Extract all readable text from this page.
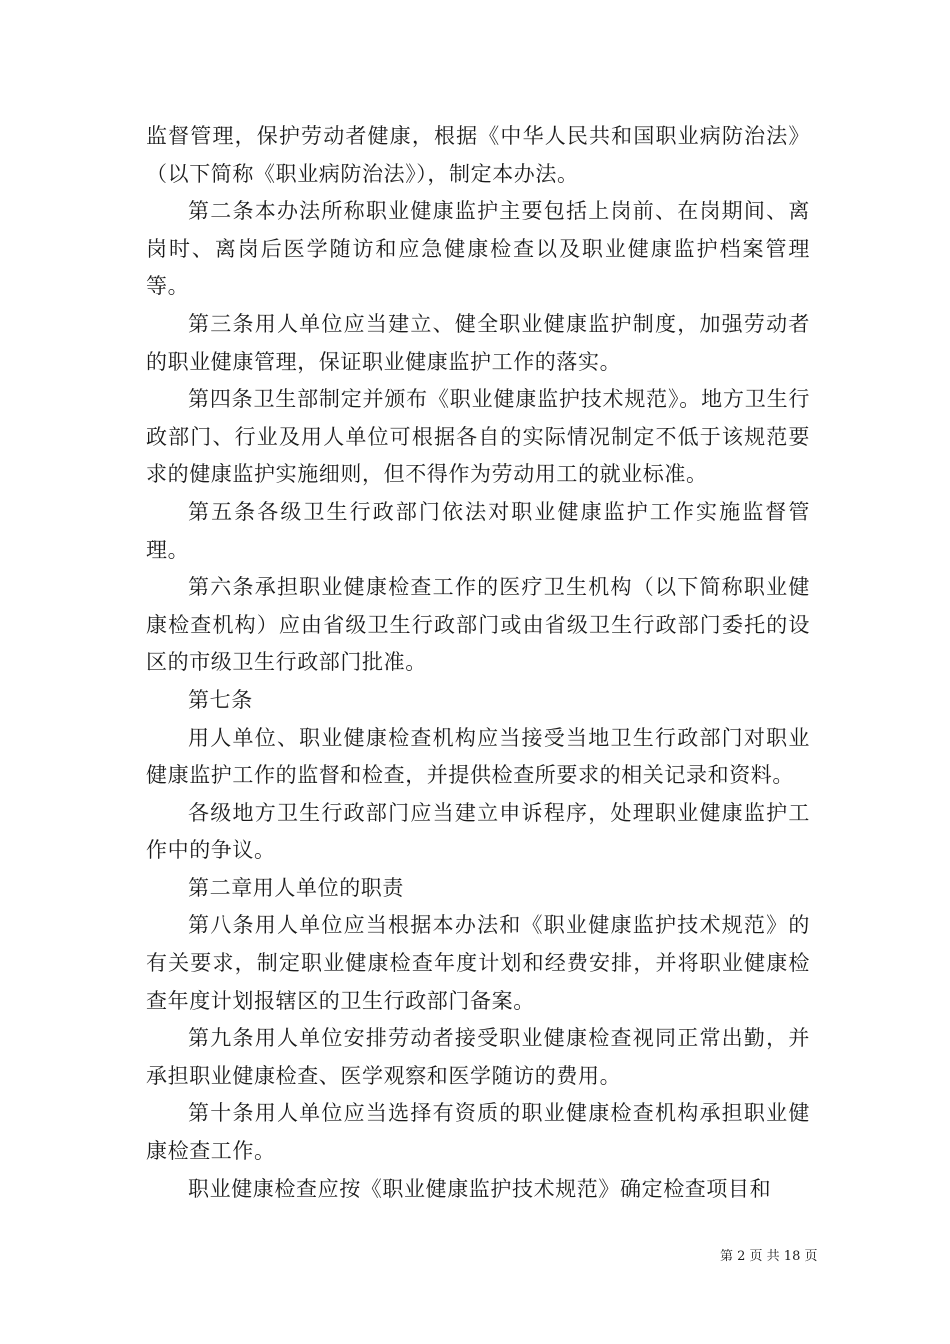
监督管理，保护劳动者健康，根据《中华人民共和国职业病防治法》（以下简称《职业病防治法》），制定本办法。

第二条本办法所称职业健康监护主要包括上岗前、在岗期间、离岗时、离岗后医学随访和应急健康检查以及职业健康监护档案管理等。

第三条用人单位应当建立、健全职业健康监护制度，加强劳动者的职业健康管理，保证职业健康监护工作的落实。

第四条卫生部制定并颁布《职业健康监护技术规范》。地方卫生行政部门、行业及用人单位可根据各自的实际情况制定不低于该规范要求的健康监护实施细则，但不得作为劳动用工的就业标准。

第五条各级卫生行政部门依法对职业健康监护工作实施监督管理。

第六条承担职业健康检查工作的医疗卫生机构（以下简称职业健康检查机构）应由省级卫生行政部门或由省级卫生行政部门委托的设区的市级卫生行政部门批准。

第七条

用人单位、职业健康检查机构应当接受当地卫生行政部门对职业健康监护工作的监督和检查，并提供检查所要求的相关记录和资料。

各级地方卫生行政部门应当建立申诉程序，处理职业健康监护工作中的争议。

第二章用人单位的职责

第八条用人单位应当根据本办法和《职业健康监护技术规范》的有关要求，制定职业健康检查年度计划和经费安排，并将职业健康检查年度计划报辖区的卫生行政部门备案。

第九条用人单位安排劳动者接受职业健康检查视同正常出勤，并承担职业健康检查、医学观察和医学随访的费用。

第十条用人单位应当选择有资质的职业健康检查机构承担职业健康检查工作。

职业健康检查应按《职业健康监护技术规范》确定检查项目和

第 2 页 共 18 页
